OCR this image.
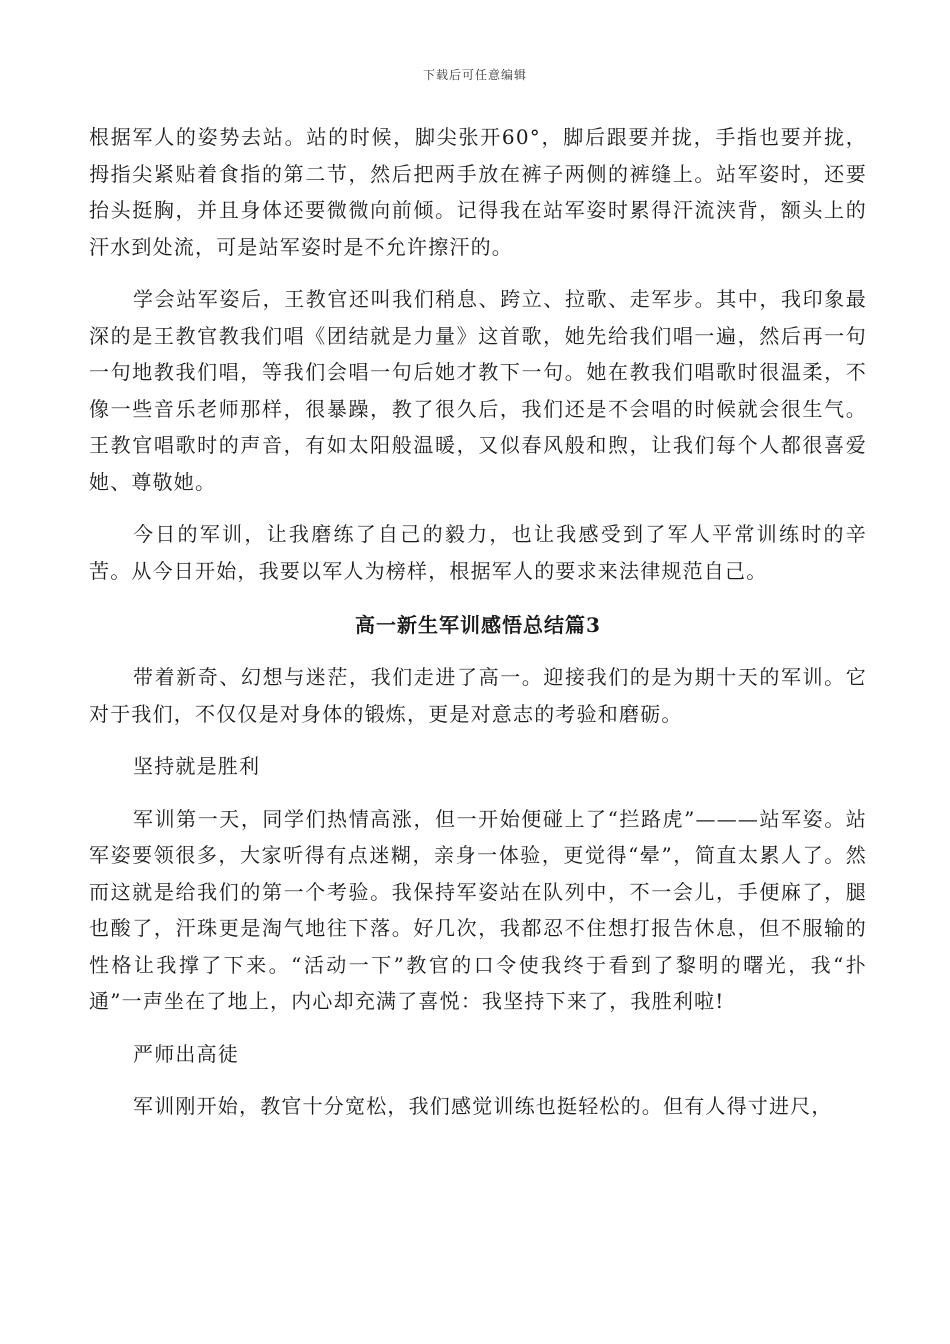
下载后可任意编辑

根据军人的姿势去站。站的时候，脚尖张开60°，脚后跟要并拢，手指也要并拢，拇指尖紧贴着食指的第二节，然后把两手放在裤子两侧的裤缝上。站军姿时，还要抬头挺胸，并且身体还要微微向前倾。记得我在站军姿时累得汗流浃背，额头上的汗水到处流，可是站军姿时是不允许擦汗的。

学会站军姿后，王教官还叫我们稍息、跨立、拉歌、走军步。其中，我印象最深的是王教官教我们唱《团结就是力量》这首歌，她先给我们唱一遍，然后再一句一句地教我们唱，等我们会唱一句后她才教下一句。她在教我们唱歌时很温柔，不像一些音乐老师那样，很暴躁，教了很久后，我们还是不会唱的时候就会很生气。王教官唱歌时的声音，有如太阳般温暖，又似春风般和煦，让我们每个人都很喜爱她、尊敬她。

今日的军训，让我磨练了自己的毅力，也让我感受到了军人平常训练时的辛苦。从今日开始，我要以军人为榜样，根据军人的要求来法律规范自己。

高一新生军训感悟总结篇3

带着新奇、幻想与迷茫，我们走进了高一。迎接我们的是为期十天的军训。它对于我们，不仅仅是对身体的锻炼，更是对意志的考验和磨砺。

坚持就是胜利

军训第一天，同学们热情高涨，但一开始便碰上了“拦路虎”———站军姿。站军姿要领很多，大家听得有点迷糊，亲身一体验，更觉得“晕”，简直太累人了。然而这就是给我们的第一个考验。我保持军姿站在队列中，不一会儿，手便麻了，腿也酸了，汗珠更是淘气地往下落。好几次，我都忍不住想打报告休息，但不服输的性格让我撑了下来。“活动一下”教官的口令使我终于看到了黎明的曙光，我“扑通”一声坐在了地上，内心却充满了喜悦：我坚持下来了，我胜利啦!

严师出高徒

军训刚开始，教官十分宽松，我们感觉训练也挺轻松的。但有人得寸进尺，
